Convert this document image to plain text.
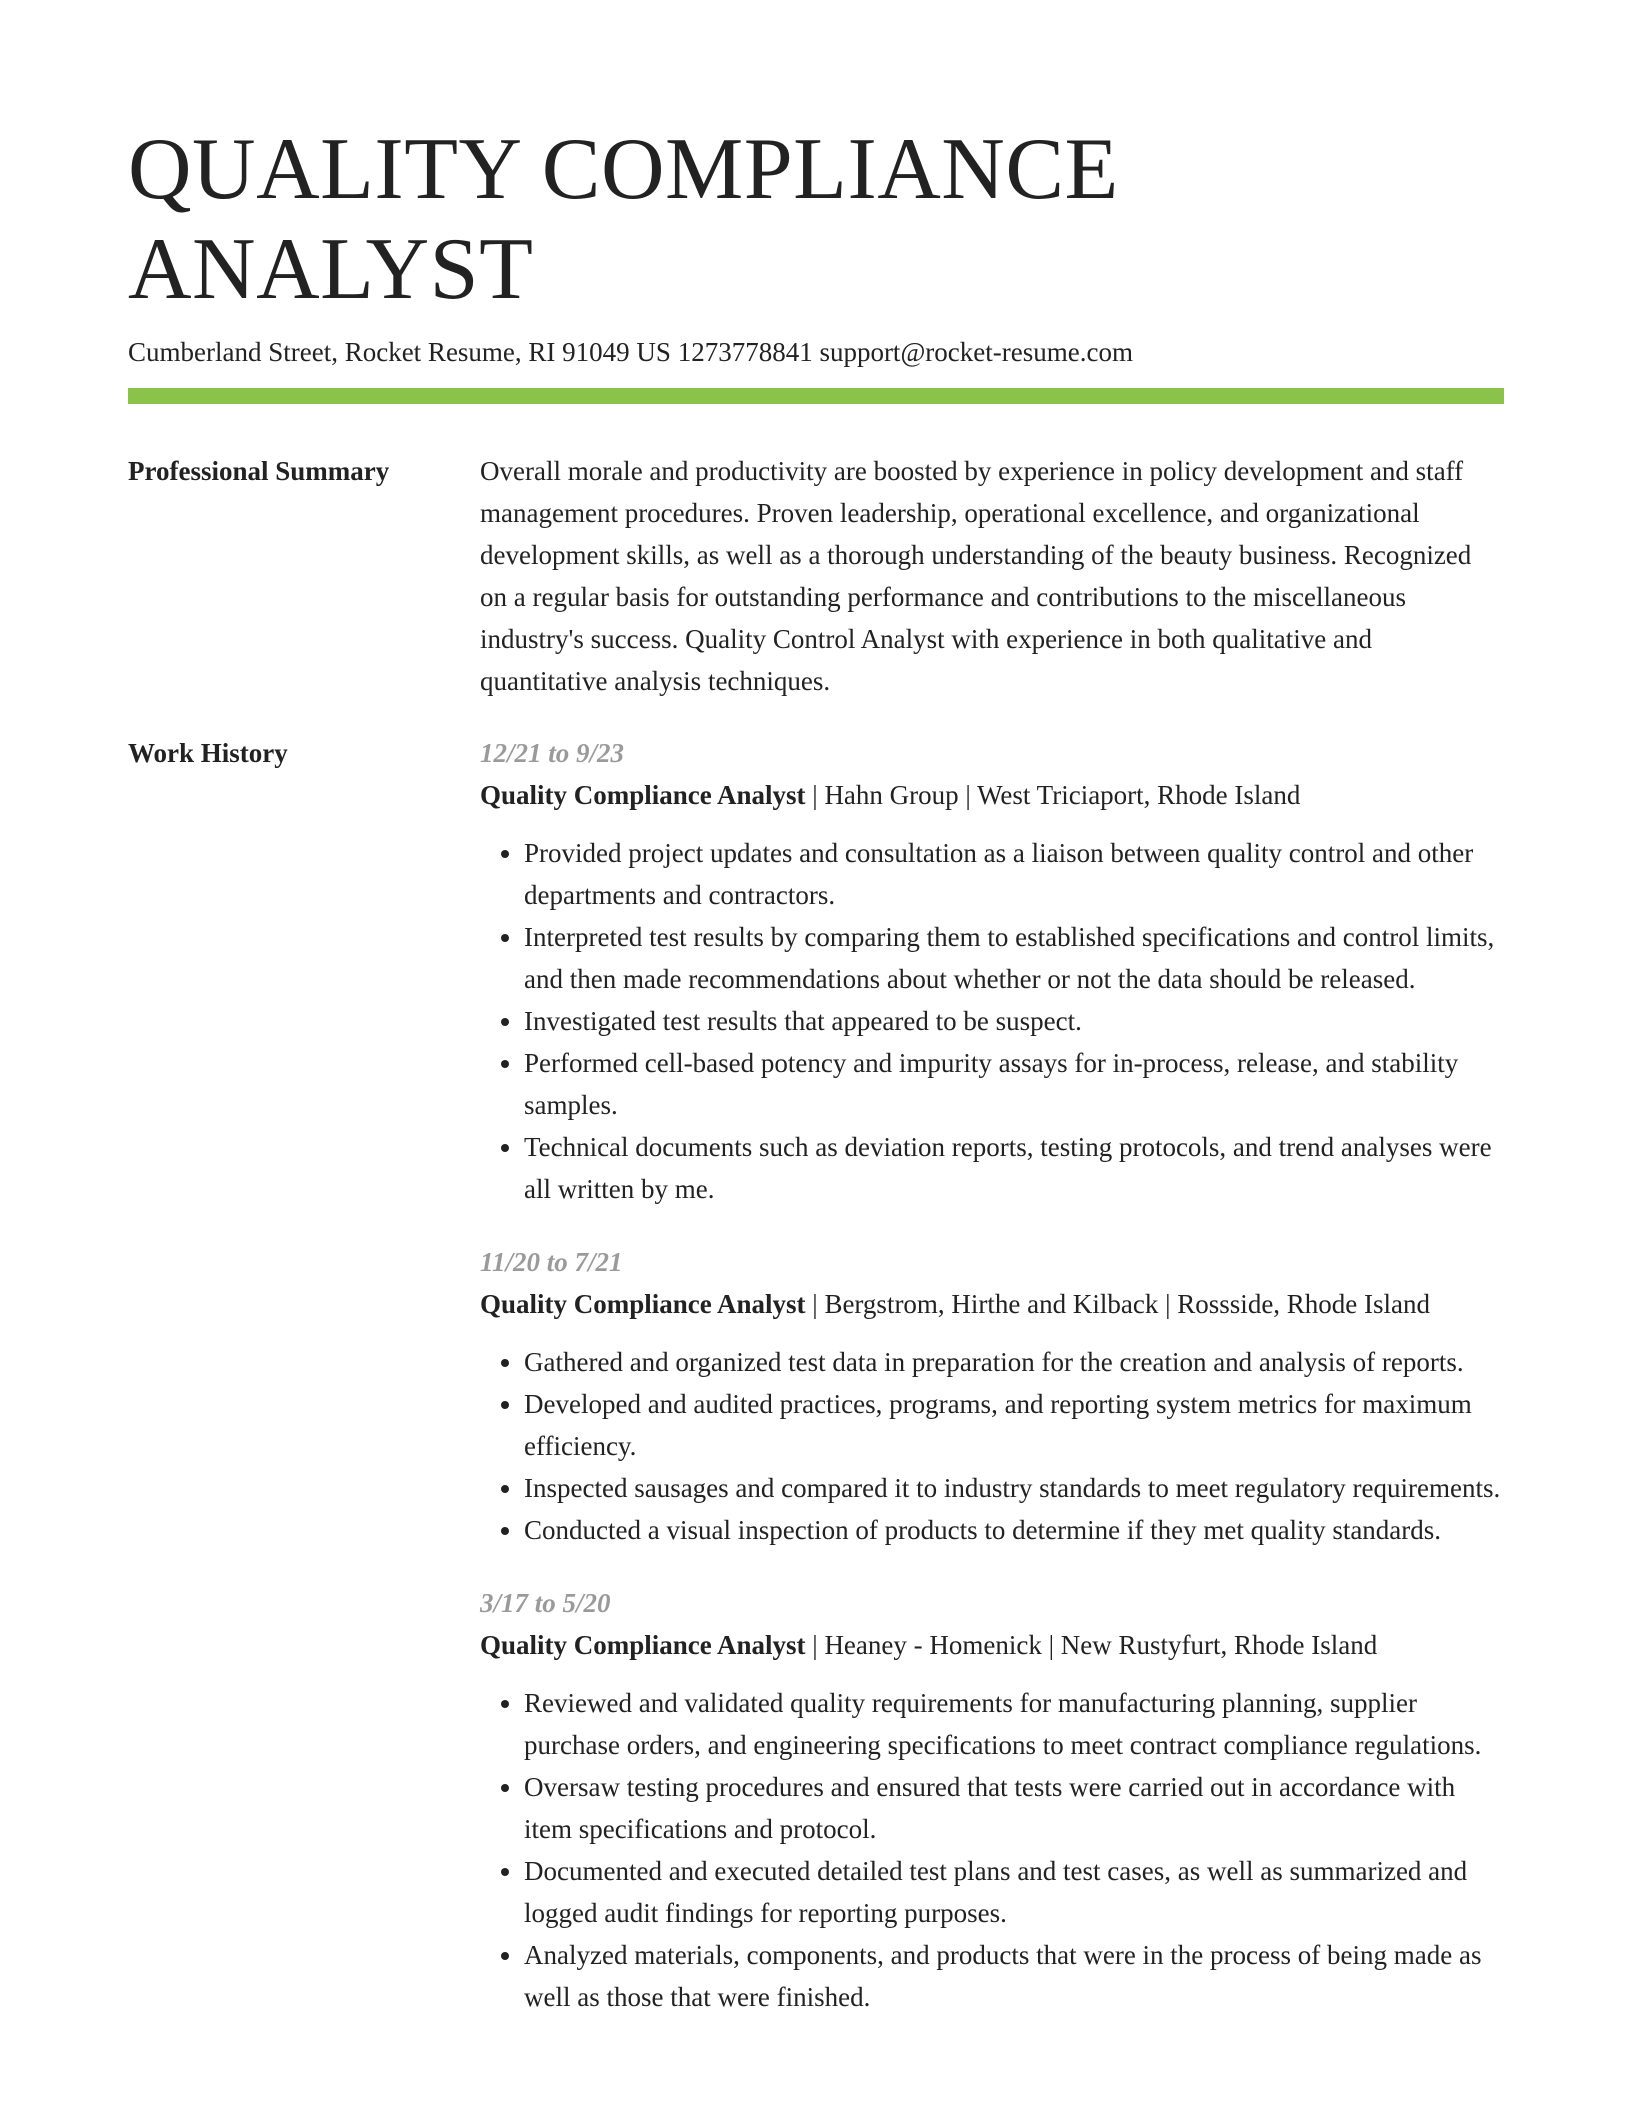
QUALITY COMPLIANCE ANALYST
Cumberland Street, Rocket Resume, RI 91049 US 1273778841 support@rocket-resume.com
Professional Summary	Overall morale and productivity are boosted by experience in policy development and staff management procedures. Proven leadership, operational excellence, and organizational development skills, as well as a thorough understanding of the beauty business. Recognized on a regular basis for outstanding performance and contributions to the miscellaneous industry's success. Quality Control Analyst with experience in both qualitative and quantitative analysis techniques.
Work History	12/21 to 9/23
Quality Compliance Analyst | Hahn Group | West Triciaport, Rhode Island
• Provided project updates and consultation as a liaison between quality control and other departments and contractors.
• Interpreted test results by comparing them to established specifications and control limits, and then made recommendations about whether or not the data should be released.
• Investigated test results that appeared to be suspect.
• Performed cell-based potency and impurity assays for in-process, release, and stability samples.
• Technical documents such as deviation reports, testing protocols, and trend analyses were all written by me.
11/20 to 7/21
Quality Compliance Analyst | Bergstrom, Hirthe and Kilback | Rossside, Rhode Island
• Gathered and organized test data in preparation for the creation and analysis of reports.
• Developed and audited practices, programs, and reporting system metrics for maximum efficiency.
• Inspected sausages and compared it to industry standards to meet regulatory requirements.
• Conducted a visual inspection of products to determine if they met quality standards.
3/17 to 5/20
Quality Compliance Analyst | Heaney - Homenick | New Rustyfurt, Rhode Island
• Reviewed and validated quality requirements for manufacturing planning, supplier purchase orders, and engineering specifications to meet contract compliance regulations.
• Oversaw testing procedures and ensured that tests were carried out in accordance with item specifications and protocol.
• Documented and executed detailed test plans and test cases, as well as summarized and logged audit findings for reporting purposes.
• Analyzed materials, components, and products that were in the process of being made as well as those that were finished.
